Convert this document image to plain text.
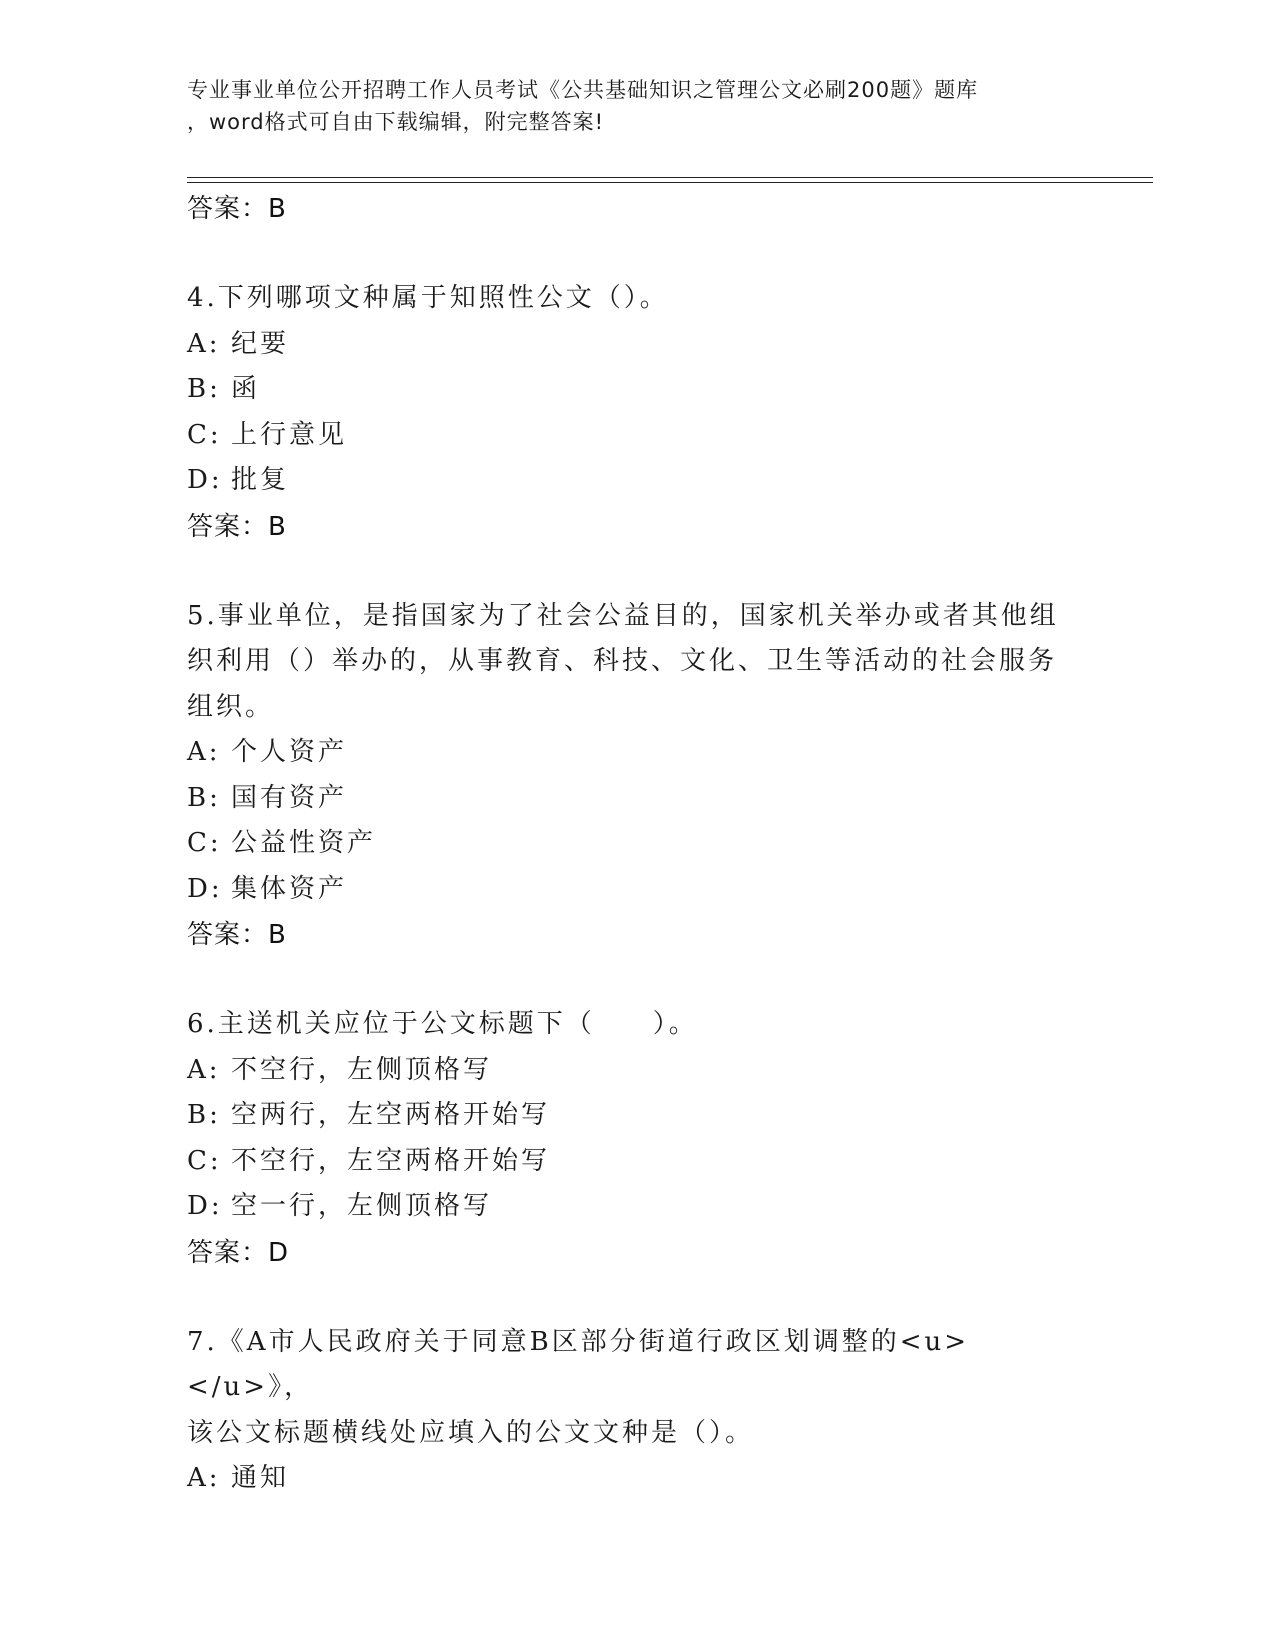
专业事业单位公开招聘工作人员考试《公共基础知识之管理公文必刷200题》题库
，word格式可自由下载编辑，附完整答案!

答案：B

4.下列哪项文种属于知照性公文（）。

A: 纪要

B: 函

C: 上行意见

D: 批复

答案：B

5.事业单位，是指国家为了社会公益目的，国家机关举办或者其他组

织利用（）举办的，从事教育、科技、文化、卫生等活动的社会服务

组织。

A: 个人资产

B: 国有资产

C: 公益性资产

D: 集体资产

答案：B

6.主送机关应位于公文标题下（　　）。

A: 不空行，左侧顶格写

B: 空两行，左空两格开始写

C: 不空行，左空两格开始写

D: 空一行，左侧顶格写

答案：D

7.《A市人民政府关于同意B区部分街道行政区划调整的<u></u>》，

该公文标题横线处应填入的公文文种是（）。

A: 通知
